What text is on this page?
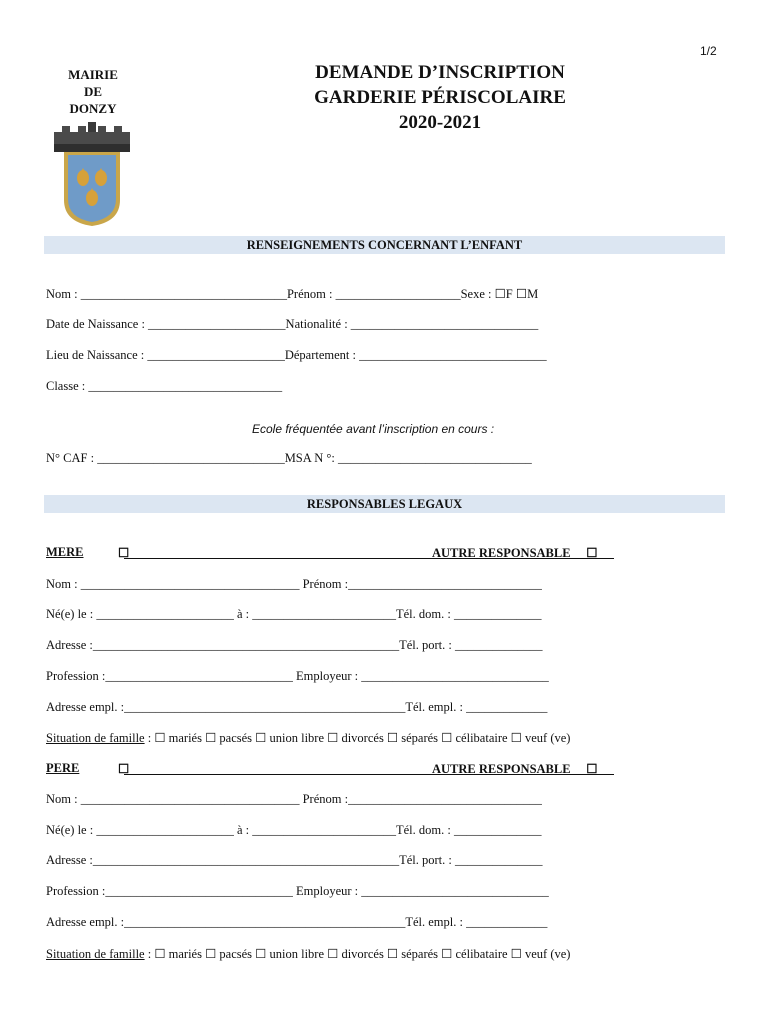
1/2
MAIRIE
DE
DONZY
DEMANDE D’INSCRIPTION
GARDERIE PÉRISCOLAIRE
2020-2021
RENSEIGNEMENTS CONCERNANT L’ENFANT
Nom : _________________________________Prénom : ____________________Sexe : ☐F ☐M
Date de Naissance : ______________________Nationalité : ______________________________
Lieu de Naissance : ______________________Département : ______________________________
Classe : _______________________________
Ecole fréquentée avant l’inscription en cours :
N° CAF : ______________________________MSA N °: _______________________________
RESPONSABLES LEGAUX
MERE	☐	AUTRE RESPONSABLE __☐
Nom : ___________________________________ Prénom :_______________________________
Né(e) le : ______________________ à : _______________________Tél. dom. : ______________
Adresse :_________________________________________________Tél. port. : ______________
Profession :______________________________ Employeur : ______________________________
Adresse empl. :_____________________________________________Tél. empl. : _____________
Situation de famille : ☐ mariés ☐ pacsés ☐ union libre ☐ divorcés ☐ séparés ☐ célibataire ☐ veuf (ve)
PERE	☐	AUTRE RESPONSABLE __☐
Nom : ___________________________________ Prénom :_______________________________
Né(e) le : ______________________ à : _______________________Tél. dom. : ______________
Adresse :_________________________________________________Tél. port. : ______________
Profession :______________________________ Employeur : ______________________________
Adresse empl. :_____________________________________________Tél. empl. : _____________
Situation de famille : ☐ mariés ☐ pacsés ☐ union libre ☐ divorcés ☐ séparés ☐ célibataire ☐ veuf (ve)
